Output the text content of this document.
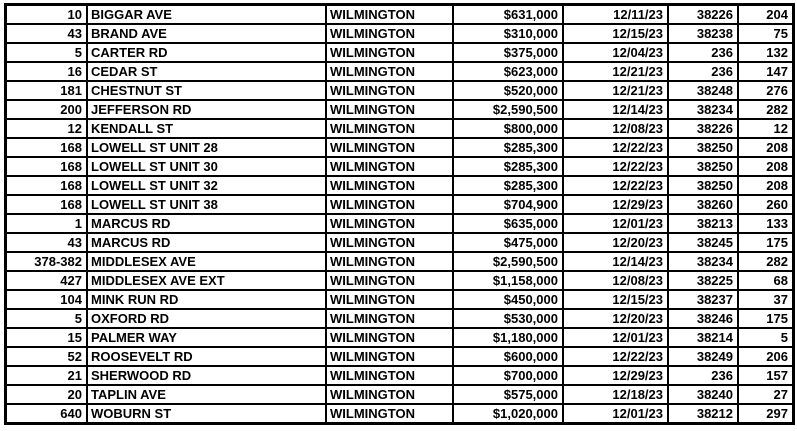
10	BIGGAR AVE	WILMINGTON	$631,000	12/11/23	38226	204
43	BRAND AVE	WILMINGTON	$310,000	12/15/23	38238	75
5	CARTER RD	WILMINGTON	$375,000	12/04/23	236	132
16	CEDAR ST	WILMINGTON	$623,000	12/21/23	236	147
181	CHESTNUT ST	WILMINGTON	$520,000	12/21/23	38248	276
200	JEFFERSON RD	WILMINGTON	$2,590,500	12/14/23	38234	282
12	KENDALL ST	WILMINGTON	$800,000	12/08/23	38226	12
168	LOWELL ST UNIT 28	WILMINGTON	$285,300	12/22/23	38250	208
168	LOWELL ST UNIT 30	WILMINGTON	$285,300	12/22/23	38250	208
168	LOWELL ST UNIT 32	WILMINGTON	$285,300	12/22/23	38250	208
168	LOWELL ST UNIT 38	WILMINGTON	$704,900	12/29/23	38260	260
1	MARCUS RD	WILMINGTON	$635,000	12/01/23	38213	133
43	MARCUS RD	WILMINGTON	$475,000	12/20/23	38245	175
378-382	MIDDLESEX AVE	WILMINGTON	$2,590,500	12/14/23	38234	282
427	MIDDLESEX AVE EXT	WILMINGTON	$1,158,000	12/08/23	38225	68
104	MINK RUN RD	WILMINGTON	$450,000	12/15/23	38237	37
5	OXFORD RD	WILMINGTON	$530,000	12/20/23	38246	175
15	PALMER WAY	WILMINGTON	$1,180,000	12/01/23	38214	5
52	ROOSEVELT RD	WILMINGTON	$600,000	12/22/23	38249	206
21	SHERWOOD RD	WILMINGTON	$700,000	12/29/23	236	157
20	TAPLIN AVE	WILMINGTON	$575,000	12/18/23	38240	27
640	WOBURN ST	WILMINGTON	$1,020,000	12/01/23	38212	297
